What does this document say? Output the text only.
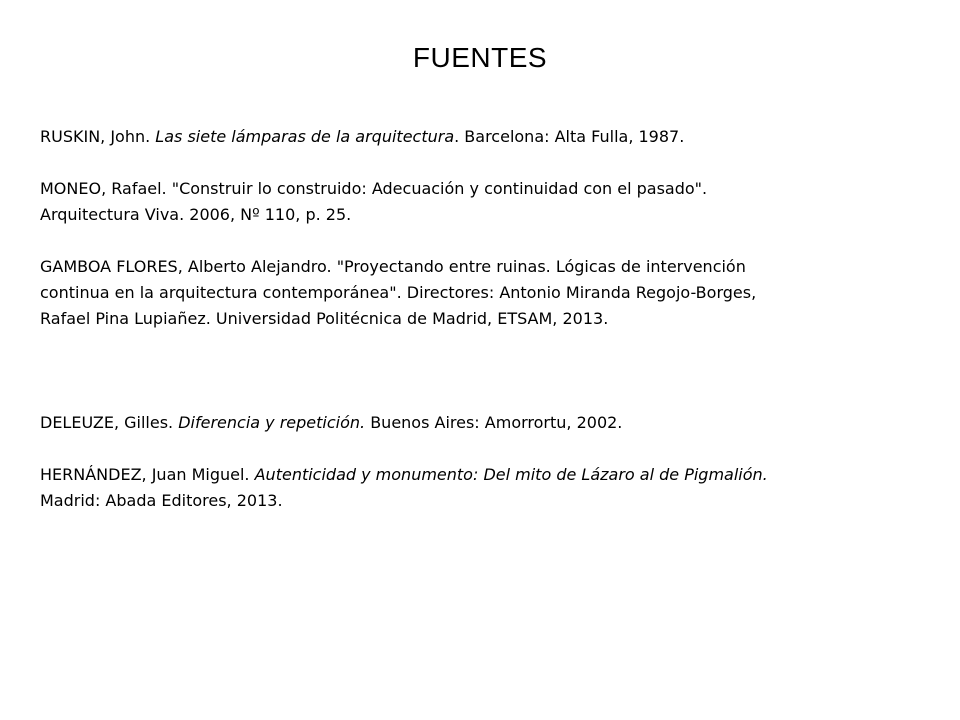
FUENTES

RUSKIN, John. Las siete lámparas de la arquitectura. Barcelona: Alta Fulla, 1987.

MONEO, Rafael. "Construir lo construido: Adecuación y continuidad con el pasado".
Arquitectura Viva. 2006, Nº 110, p. 25.

GAMBOA FLORES, Alberto Alejandro. "Proyectando entre ruinas. Lógicas de intervención
continua en la arquitectura contemporánea". Directores: Antonio Miranda Regojo-Borges,
Rafael Pina Lupiañez. Universidad Politécnica de Madrid, ETSAM, 2013.

DELEUZE, Gilles. Diferencia y repetición. Buenos Aires: Amorrortu, 2002.

HERNÁNDEZ, Juan Miguel. Autenticidad y monumento: Del mito de Lázaro al de Pigmalión.
Madrid: Abada Editores, 2013.
